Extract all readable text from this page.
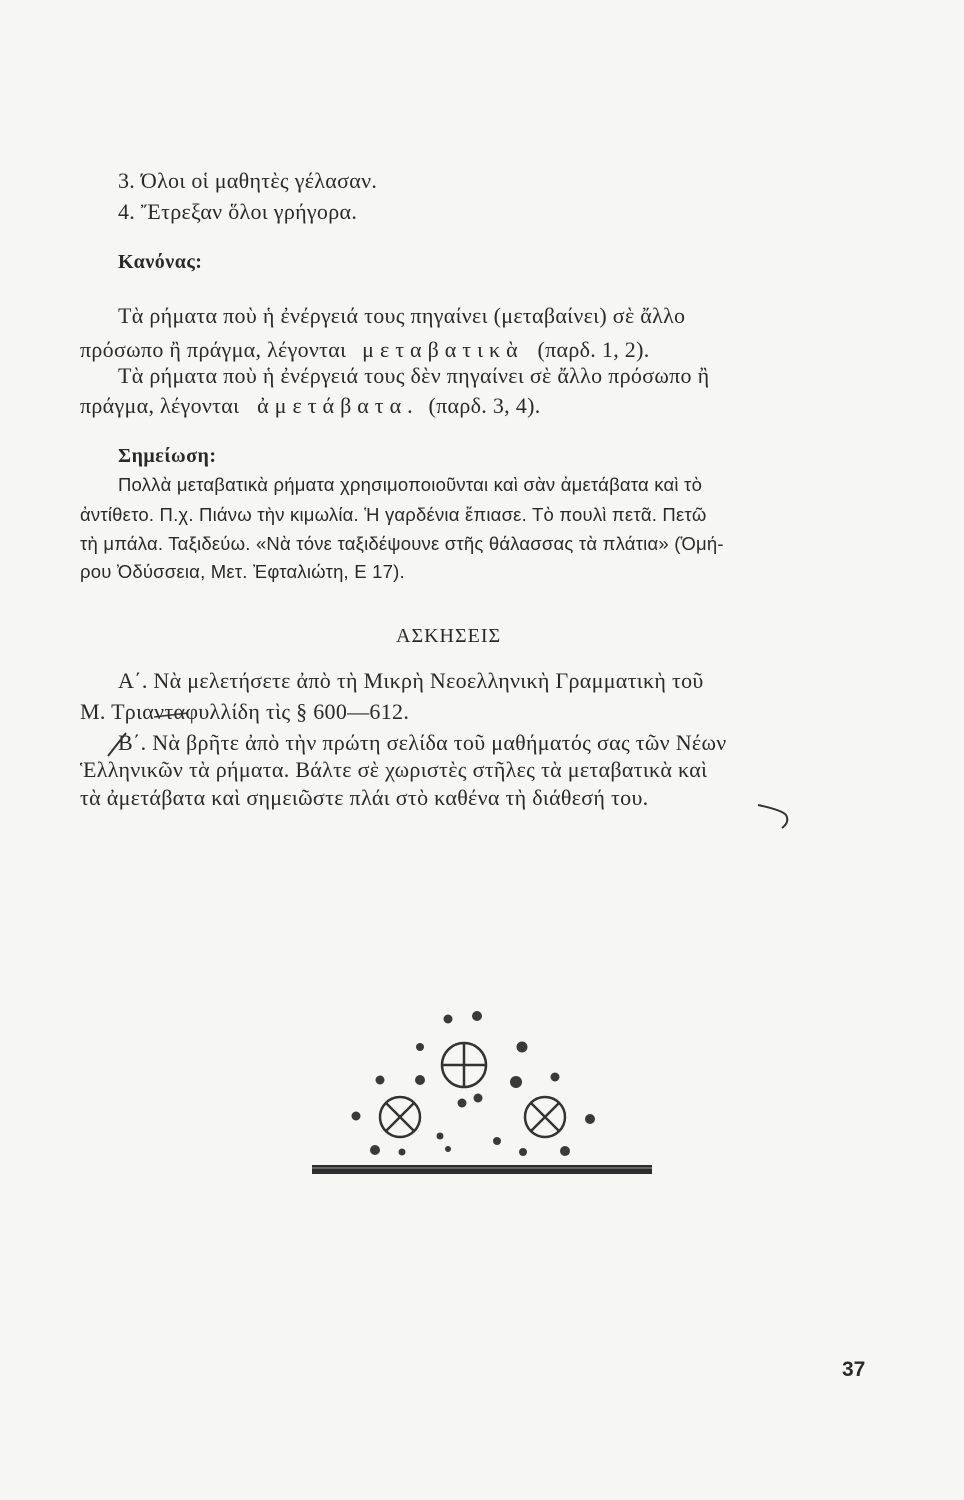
3. Όλοι οἱ μαθητὲς γέλασαν.
4. Ἔτρεξαν ὅλοι γρήγορα.
Κανόνας:
Τὰ ρήματα ποὺ ἡ ἐνέργειά τους πηγαίνει (μεταβαίνει) σὲ ἄλλο
πρόσωπο ἢ πράγμα, λέγονται μεταβατικὰ (παρδ. 1, 2).
Τὰ ρήματα ποὺ ἡ ἐνέργειά τους δὲν πηγαίνει σὲ ἄλλο πρόσωπο ἢ
πράγμα, λέγονται ἀμετάβατα. (παρδ. 3, 4).
Σημείωση:
Πολλὰ μεταβατικὰ ρήματα χρησιμοποιοῦνται καὶ σὰν ἀμετάβατα καὶ τὸ
ἀντίθετο. Π.χ. Πιάνω τὴν κιμωλία. Ἡ γαρδένια ἔπιασε. Τὸ πουλὶ πετᾶ. Πετῶ
τὴ μπάλα. Ταξιδεύω. «Νὰ τόνε ταξιδέψουνε στῆς θάλασσας τὰ πλάτια» (Ὁμή-
ρου Ὀδύσσεια, Μετ. Ἐφταλιώτη, Ε 17).
ΑΣΚΗΣΕΙΣ
Α΄. Νὰ μελετήσετε ἀπὸ τὴ Μικρὴ Νεοελληνικὴ Γραμματικὴ τοῦ
Μ. Τριανταφυλλίδη τὶς § 600—612.
Β΄. Νὰ βρῆτε ἀπὸ τὴν πρώτη σελίδα τοῦ μαθήματός σας τῶν Νέων
Ἑλληνικῶν τὰ ρήματα. Βάλτε σὲ χωριστὲς στῆλες τὰ μεταβατικὰ καὶ
τὰ ἀμετάβατα καὶ σημειῶστε πλάι στὸ καθένα τὴ διάθεσή του.
37
